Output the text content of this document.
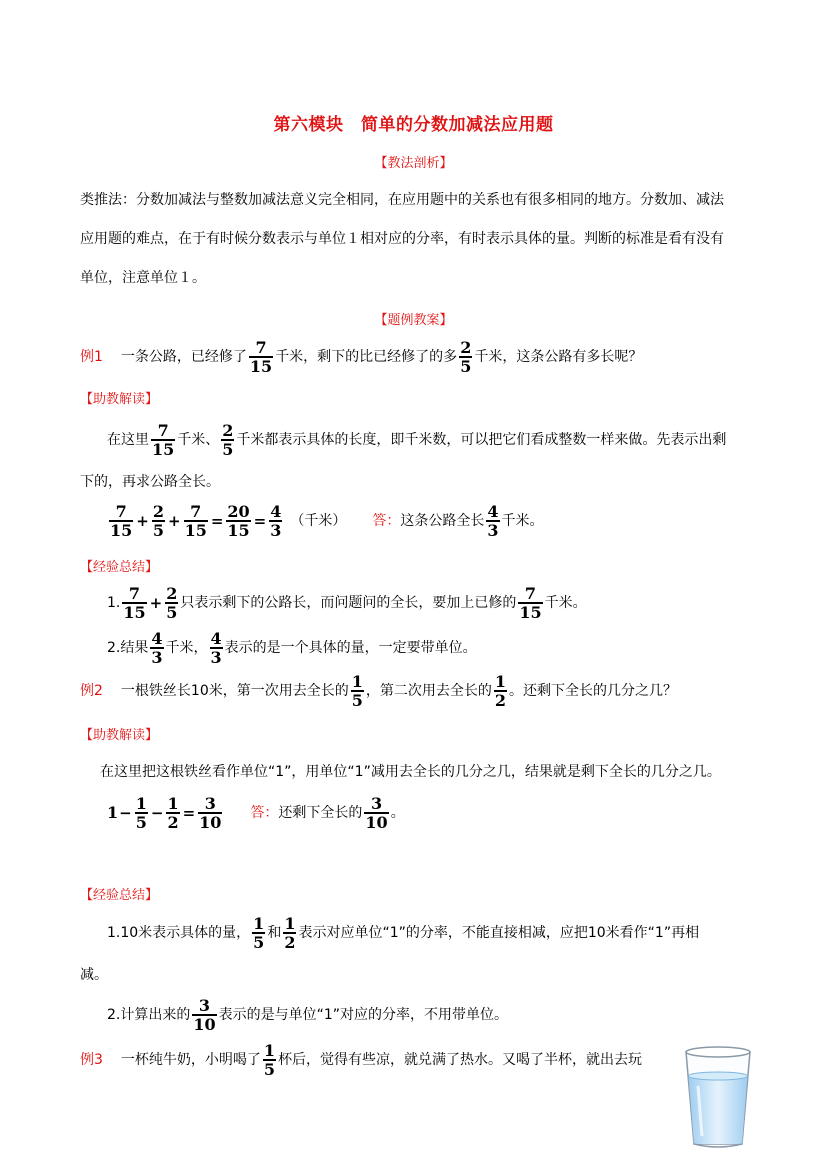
第六模块　简单的分数加减法应用题
【教法剖析】
类推法：分数加减法与整数加减法意义完全相同，在应用题中的关系也有很多相同的地方。分数加、减法
应用题的难点，在于有时候分数表示与单位１相对应的分率，有时表示具体的量。判断的标准是看有没有
单位，注意单位１。
【题例教案】
例1 一条公路，已经修了 $\frac{7}{15}$ 千米，剩下的比已经修了的多 $\frac{2}{5}$ 千米，这条公路有多长呢？
【助教解读】
在这里 $\frac{7}{15}$ 千米、 $\frac{2}{5}$ 千米都表示具体的长度，即千米数，可以把它们看成整数一样来做。先表示出剩
下的，再求公路全长。
$\frac{7}{15} + \frac{2}{5} + \frac{7}{15} = \frac{20}{15} = \frac{4}{3}$ （千米） 答： 这条公路全长 $\frac{4}{3}$ 千米。
【经验总结】
1. $\frac{7}{15} + \frac{2}{5}$ 只表示剩下的公路长，而问题问的全长，要加上已修的 $\frac{7}{15}$ 千米。
2.结果 $\frac{4}{3}$ 千米， $\frac{4}{3}$ 表示的是一个具体的量，一定要带单位。
例2 一根铁丝长10米，第一次用去全长的 $\frac{1}{5}$ ，第二次用去全长的 $\frac{1}{2}$ 。还剩下全长的几分之几？
【助教解读】
在这里把这根铁丝看作单位“1”，用单位“1”减用去全长的几分之几，结果就是剩下全长的几分之几。
$1 - \frac{1}{5} - \frac{1}{2} = \frac{3}{10}$ 答： 还剩下全长的 $\frac{3}{10}$ 。
【经验总结】
1.10米表示具体的量， $\frac{1}{5}$ 和 $\frac{1}{2}$ 表示对应单位“1”的分率，不能直接相减，应把10米看作“1”再相
减。
2.计算出来的 $\frac{3}{10}$ 表示的是与单位“1”对应的分率，不用带单位。
例3 一杯纯牛奶，小明喝了 $\frac{1}{5}$ 杯后，觉得有些凉，就兑满了热水。又喝了半杯，就出去玩
